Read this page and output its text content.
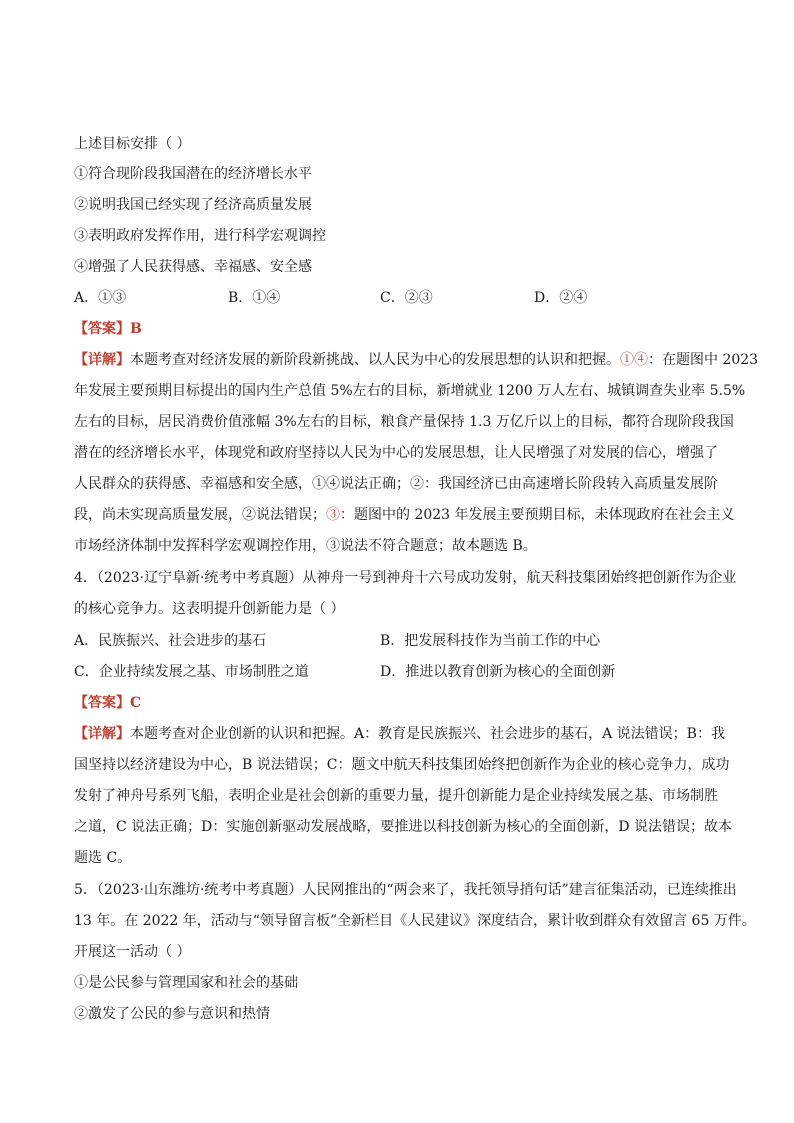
上述目标安排（ ）
①符合现阶段我国潜在的经济增长水平
②说明我国已经实现了经济高质量发展
③表明政府发挥作用，进行科学宏观调控
④增强了人民获得感、幸福感、安全感
A．①③	B．①④	C．②③	D．②④
【答案】B
【详解】本题考查对经济发展的新阶段新挑战、以人民为中心的发展思想的认识和把握。①④：在题图中 2023
年发展主要预期目标提出的国内生产总值 5%左右的目标，新增就业 1200 万人左右、城镇调查失业率 5.5%
左右的目标，居民消费价值涨幅 3%左右的目标，粮食产量保持 1.3 万亿斤以上的目标，都符合现阶段我国
潜在的经济增长水平，体现党和政府坚持以人民为中心的发展思想，让人民增强了对发展的信心，增强了
人民群众的获得感、幸福感和安全感，①④说法正确；②：我国经济已由高速增长阶段转入高质量发展阶
段，尚未实现高质量发展，②说法错误；③：题图中的 2023 年发展主要预期目标，未体现政府在社会主义
市场经济体制中发挥科学宏观调控作用，③说法不符合题意；故本题选 B。
4．（2023·辽宁阜新·统考中考真题）从神舟一号到神舟十六号成功发射，航天科技集团始终把创新作为企业
的核心竞争力。这表明提升创新能力是（ ）
A．民族振兴、社会进步的基石	B．把发展科技作为当前工作的中心
C．企业持续发展之基、市场制胜之道	D．推进以教育创新为核心的全面创新
【答案】C
【详解】本题考查对企业创新的认识和把握。A：教育是民族振兴、社会进步的基石，A 说法错误；B：我
国坚持以经济建设为中心，B 说法错误；C：题文中航天科技集团始终把创新作为企业的核心竞争力，成功
发射了神舟号系列飞船，表明企业是社会创新的重要力量，提升创新能力是企业持续发展之基、市场制胜
之道，C 说法正确；D：实施创新驱动发展战略，要推进以科技创新为核心的全面创新，D 说法错误；故本
题选 C。
5．（2023·山东潍坊·统考中考真题）人民网推出的“两会来了，我托领导捎句话”建言征集活动，已连续推出
13 年。在 2022 年，活动与“领导留言板”全新栏目《人民建议》深度结合，累计收到群众有效留言 65 万件。
开展这一活动（ ）
①是公民参与管理国家和社会的基础
②激发了公民的参与意识和热情
